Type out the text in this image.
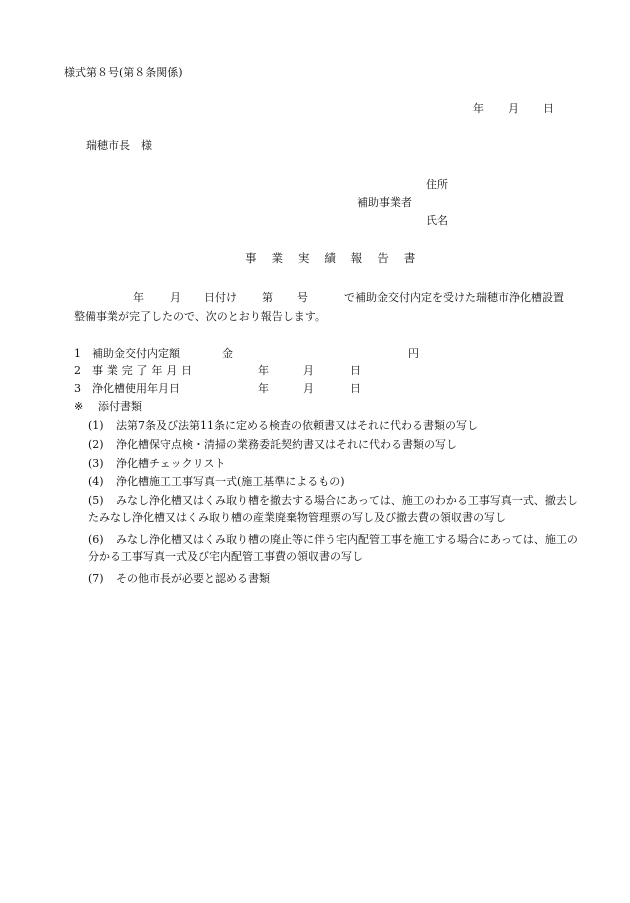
様式第８号(第８条関係)
年 月 日
瑞穂市長　様
住所
補助事業者
氏名
事業実績報告書
年 月 日付け 第 号	で補助金交付内定を受けた瑞穂市浄化槽設置
整備事業が完了したので、次のとおり報告します。
1 補助金交付内定額	金	円
2 事業完了年月日	年	月	日
3 浄化槽使用年月日	年	月	日
※ 添付書類
(1)	法第7条及び法第11条に定める検査の依頼書又はそれに代わる書類の写し
(2)	浄化槽保守点検・清掃の業務委託契約書又はそれに代わる書類の写し
(3)	浄化槽チェックリスト
(4)	浄化槽施工工事写真一式(施工基準によるもの)
(5)	みなし浄化槽又はくみ取り槽を撤去する場合にあっては、施工のわかる工事写真一式、撤去したみなし浄化槽又はくみ取り槽の産業廃棄物管理票の写し及び撤去費の領収書の写し
(6)	みなし浄化槽又はくみ取り槽の廃止等に伴う宅内配管工事を施工する場合にあっては、施工の分かる工事写真一式及び宅内配管工事費の領収書の写し
(7)	その他市長が必要と認める書類
